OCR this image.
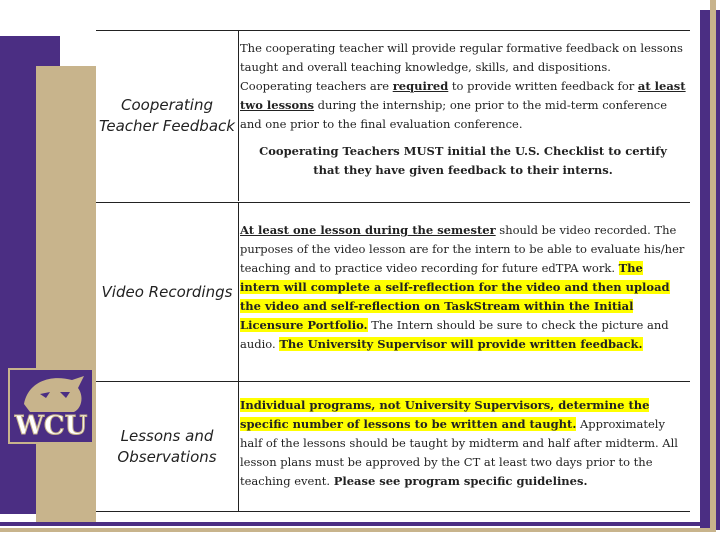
Cooperating Teacher Feedback

The cooperating teacher will provide regular formative feedback on lessons taught and overall teaching knowledge, skills, and dispositions. Cooperating teachers are required to provide written feedback for at least two lessons during the internship; one prior to the mid-term conference and one prior to the final evaluation conference.

Cooperating Teachers MUST initial the U.S. Checklist to certify that they have given feedback to their interns.

Video Recordings

At least one lesson during the semester should be video recorded. The purposes of the video lesson are for the intern to be able to evaluate his/her teaching and to practice video recording for future edTPA work. The intern will complete a self-reflection for the video and then upload the video and self-reflection on TaskStream within the Initial Licensure Portfolio. The Intern should be sure to check the picture and audio. The University Supervisor will provide written feedback.

Lessons and Observations

Individual programs, not University Supervisors, determine the specific number of lessons to be written and taught. Approximately half of the lessons should be taught by midterm and half after midterm. All lesson plans must be approved by the CT at least two days prior to the teaching event. Please see program specific guidelines.

WCU
